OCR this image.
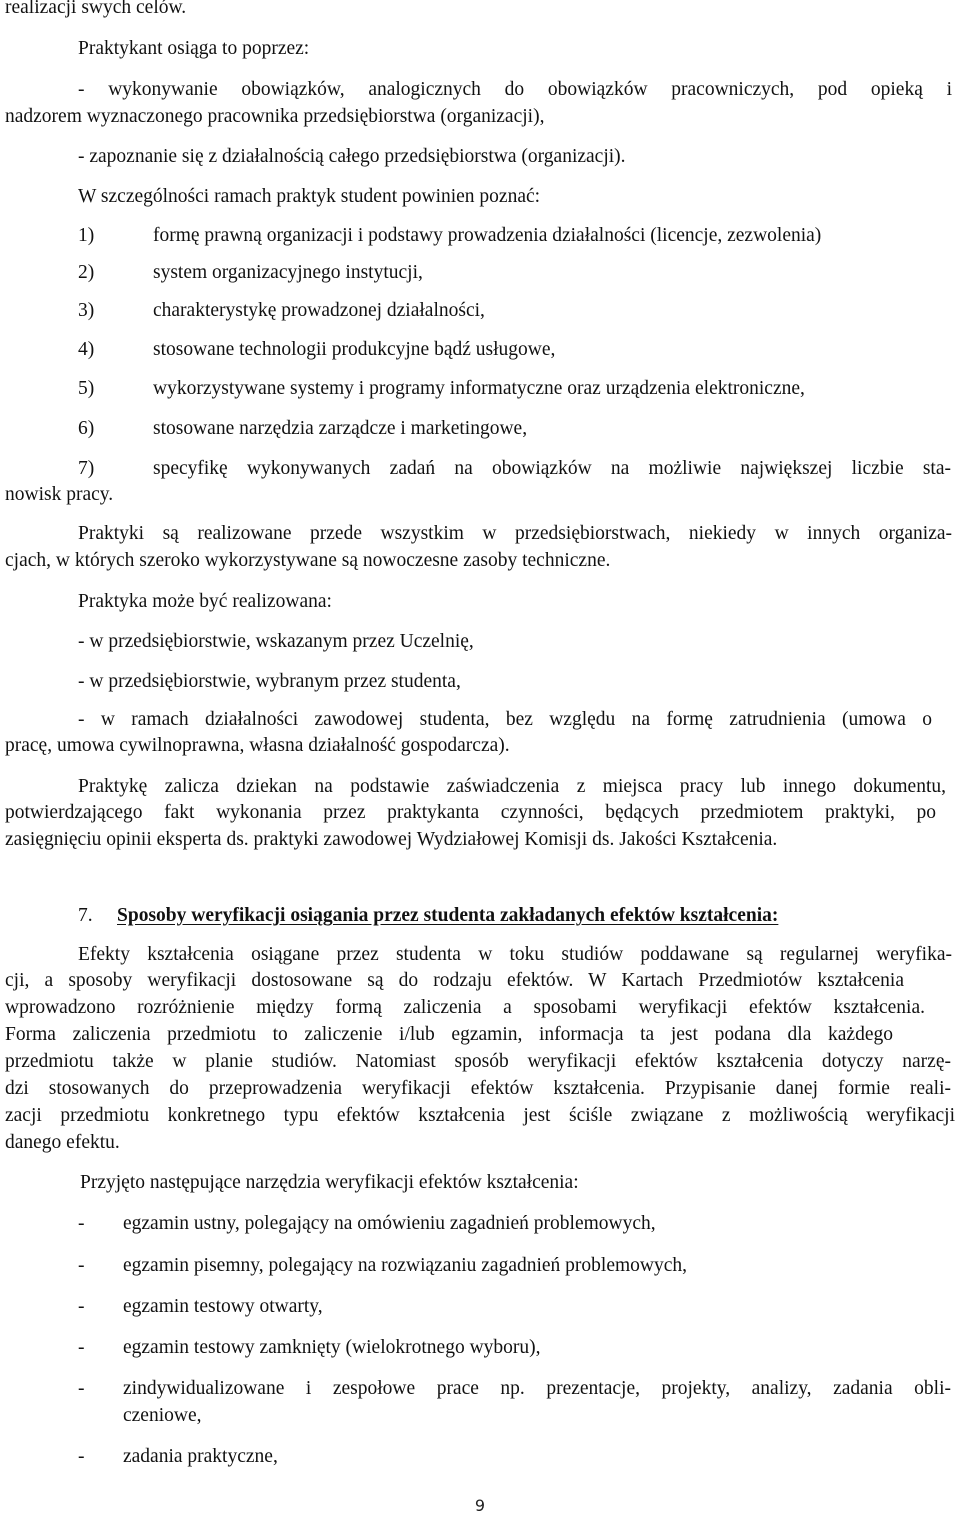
realizacji swych celów.
Praktykant osiąga to poprzez:
- wykonywanie obowiązków, analogicznych do obowiązków pracowniczych, pod opieką i
nadzorem wyznaczonego pracownika przedsiębiorstwa (organizacji),
- zapoznanie się z działalnością całego przedsiębiorstwa (organizacji).
W szczególności ramach praktyk student powinien poznać:
1)	formę prawną organizacji i podstawy prowadzenia działalności (licencje, zezwolenia)
2)	system organizacyjnego instytucji,
3)	charakterystykę prowadzonej działalności,
4)	stosowane technologii produkcyjne bądź usługowe,
5)	wykorzystywane systemy i programy informatyczne oraz urządzenia elektroniczne,
6)	stosowane narzędzia zarządcze i marketingowe,
7)	specyfikę wykonywanych zadań na obowiązków na możliwie największej liczbie sta-
nowisk pracy.
Praktyki są realizowane przede wszystkim w przedsiębiorstwach, niekiedy w innych organiza-
cjach, w których szeroko wykorzystywane są nowoczesne zasoby techniczne.
Praktyka może być realizowana:
- w przedsiębiorstwie, wskazanym przez Uczelnię,
- w przedsiębiorstwie, wybranym przez studenta,
- w ramach działalności zawodowej studenta, bez względu na formę zatrudnienia (umowa o
pracę, umowa cywilnoprawna, własna działalność gospodarcza).
Praktykę zalicza dziekan na podstawie zaświadczenia z miejsca pracy lub innego dokumentu,
potwierdzającego fakt wykonania przez praktykanta czynności, będących przedmiotem praktyki, po
zasięgnięciu opinii eksperta ds. praktyki zawodowej Wydziałowej Komisji ds. Jakości Kształcenia.
7. Sposoby weryfikacji osiągania przez studenta zakładanych efektów kształcenia:
Efekty kształcenia osiągane przez studenta w toku studiów poddawane są regularnej weryfika-
cji, a sposoby weryfikacji dostosowane są do rodzaju efektów. W Kartach Przedmiotów kształcenia
wprowadzono rozróżnienie między formą zaliczenia a sposobami weryfikacji efektów kształcenia.
Forma zaliczenia przedmiotu to zaliczenie i/lub egzamin, informacja ta jest podana dla każdego
przedmiotu także w planie studiów. Natomiast sposób weryfikacji efektów kształcenia dotyczy narzę-
dzi stosowanych do przeprowadzenia weryfikacji efektów kształcenia. Przypisanie danej formie reali-
zacji przedmiotu konkretnego typu efektów kształcenia jest ściśle związane z możliwością weryfikacji
danego efektu.
Przyjęto następujące narzędzia weryfikacji efektów kształcenia:
- egzamin ustny, polegający na omówieniu zagadnień problemowych,
- egzamin pisemny, polegający na rozwiązaniu zagadnień problemowych,
- egzamin testowy otwarty,
- egzamin testowy zamknięty (wielokrotnego wyboru),
- zindywidualizowane i zespołowe prace np. prezentacje, projekty, analizy, zadania obli-
czeniowe,
- zadania praktyczne,
9
